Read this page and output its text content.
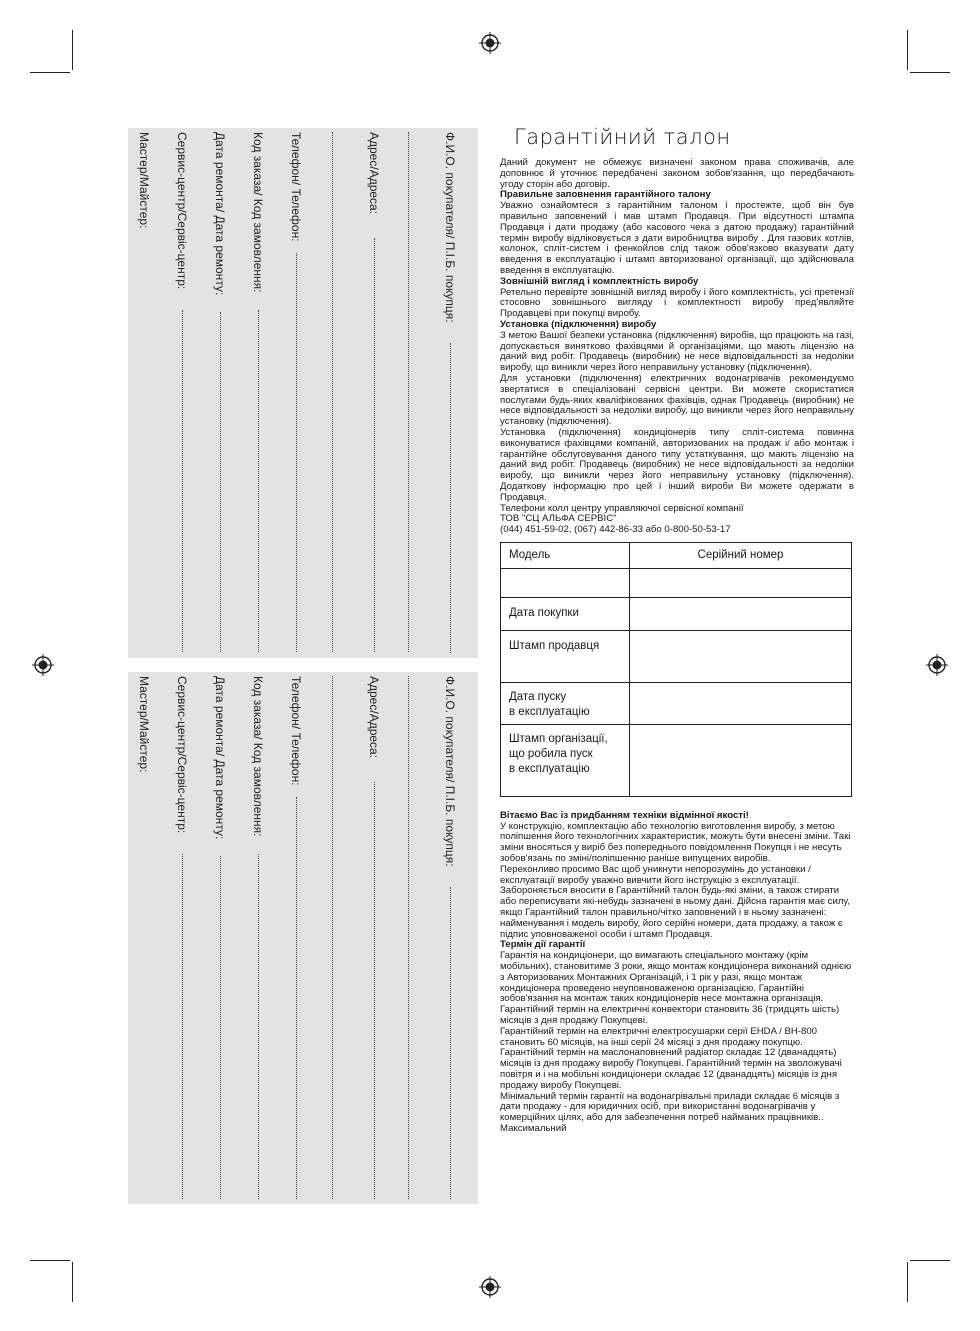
Ф.И.О. покупателя/ П.І.Б. покупця:
Адрес/Адреса:
Телефон/ Телефон:
Код заказа/ Код замовлення:
Дата ремонта/ Дата ремонту:
Сервис-центр/Сервіс-центр:
Мастер/Майстер:
Ф.И.О. покупателя/ П.І.Б. покупця:
Адрес/Адреса:
Телефон/ Телефон:
Код заказа/ Код замовлення:
Дата ремонта/ Дата ремонту:
Сервис-центр/Сервіс-центр:
Мастер/Майстер:
Гарантійний талон

Даний документ не обмежує визначені законом права споживачів, але доповнює й уточнює передбачені законом зобов'язання, що передбачають угоду сторін або договір.

Правильне заповнення гарантійного талону

Уважно ознайомтеся з гарантійним талоном і простежте, щоб він був правильно заповнений і мав штамп Продавця. При відсутності штампа Продавця і дати продажу (або касового чека з датою продажу) гарантійний термін виробу відліковується з дати виробництва виробу . Для газових котлів, колонок, спліт-систем і фенкойлов слід також обов'язково вказувати дату введення в експлуатацію і штамп авторизованої організації, що здійснювала введення в експлуатацію.

Зовнішній вигляд і комплектність виробу

Ретельно перевірте зовнішній вигляд виробу і його комплектність, усі претензії стосовно зовнішнього вигляду і комплектності виробу пред'являйте Продавцеві при покупці виробу.

Установка (підключення) виробу

З метою Вашої безпеки установка (підключення) виробів, що працюють на газі, допускається винятково фахівцями й організаціями, що мають ліцензію на даний вид робіт. Продавець (виробник) не несе відповідальності за недоліки виробу, що виникли через його неправильну установку (підключення).

Для установки (підключення) електричних водонагрівачів рекомендуємо звертатися в спеціалізовані сервісні центри. Ви можете скористатися послугами будь-яких кваліфікованих фахівців, однак Продавець (виробник) не несе відповідальності за недоліки виробу, що виникли через його неправильну установку (підключення).

Установка (підключення) кондиціонерів типу спліт-система повинна виконуватися фахівцями компаній, авторизованих на продаж і/ або монтаж і гарантійне обслуговування даного типу устаткування, що мають ліцензію на даний вид робіт. Продавець (виробник) не несе відповідальності за недоліки виробу, що виникли через його неправильну установку (підключення). Додаткову інформацію про цей і інший вироби Ви можете одержати в Продавця.

Телефони колл центру управляючої сервісної компанії

ТОВ "СЦ АЛЬФА СЕРВІС"

(044) 451-59-02, (067) 442-86-33 або 0-800-50-53-17

Модель	Серійний номер

Дата покупки	
Штамп продавця	

Дата пуску
в експлуатацію	

Штамп організації,
що робила пуск
в експлуатацію	

Вітаємо Вас із придбанням техніки відмінної якості!

У конструкцію, комплектацію або технологію виготовлення виробу, з метою поліпшення його технологічних характеристик, можуть бути внесені зміни. Такі зміни вносяться у виріб без попереднього повідомлення Покупця і не несуть зобов'язань по зміні/поліпшенню раніше випущених виробів.

Переконливо просимо Вас щоб уникнути непорозумінь до установки /експлуатації виробу уважно вивчити його інструкцію з експлуатації. Забороняється вносити в Гарантійний талон будь-які зміни, а також стирати або переписувати які-небудь зазначені в ньому дані. Дійсна гарантія має силу, якщо Гарантійний талон правильно/чітко заповнений і в ньому зазначені: найменування і модель виробу, його серійні номери, дата продажу, а також є підпис уповноваженої особи і штамп Продавця.

Термін дії гарантії

Гарантія на кондиціонери, що вимагають спеціального монтажу (крім мобільних), становитиме 3 роки, якщо монтаж кондиціонера виконаний однією з Авторизованих Монтажних Організацій, і 1 рік у разі, якщо монтаж кондиціонера проведено неуповноваженою організацією. Гарантійні зобов'язання на монтаж таких кондиціонерів несе монтажна організація.

Гарантійний термін на електричні конвектори становить 36 (тридцять шість) місяців з дня продажу Покупцеві.

Гарантійний термін на електричні електросушарки серії EHDA / BH-800 становить 60 місяців, на інші серії 24 місяці з дня продажу покупцю.

Гарантійний термін на маслонаповнений радіатор складає 12 (дванадцять) місяців із дня продажу виробу Покупцеві. Гарантійний термін на зволожувачі повітря и і на мобільні кондиціонери складає 12 (дванадцять) місяців із дня продажу виробу Покупцеві.

Мінімальний термін гарантії на водонагрівальні прилади складає 6 місяців з дати продажу - для юридичних осіб, при використанні водонагрівачів у комерційних цілях, або для забезпечення потреб найманих працівників.. Максимальний
